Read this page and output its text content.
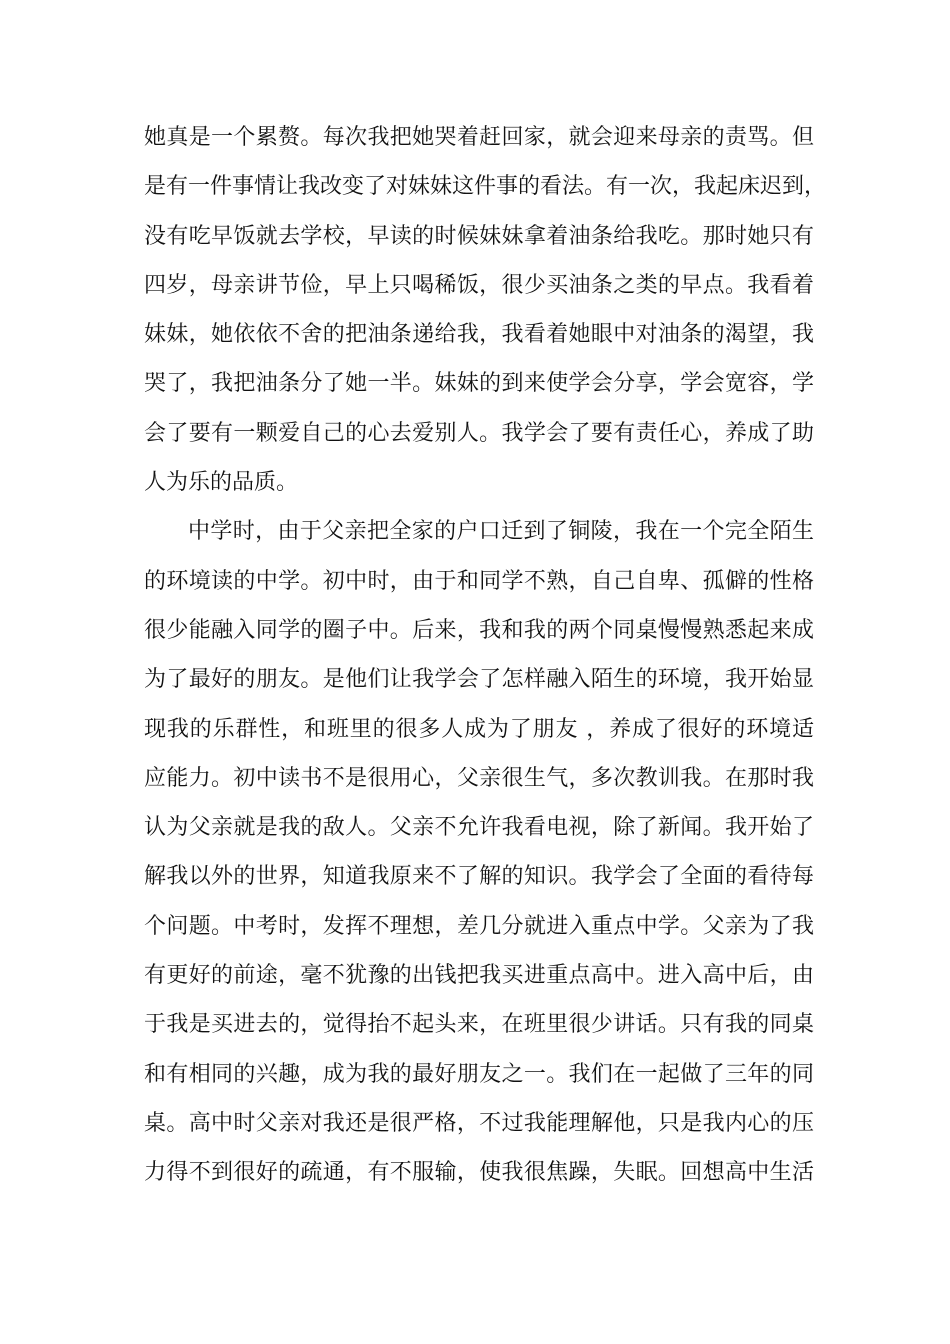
她真是一个累赘。每次我把她哭着赶回家，就会迎来母亲的责骂。但
是有一件事情让我改变了对妹妹这件事的看法。有一次，我起床迟到，
没有吃早饭就去学校，早读的时候妹妹拿着油条给我吃。那时她只有
四岁，母亲讲节俭，早上只喝稀饭，很少买油条之类的早点。我看着
妹妹，她依依不舍的把油条递给我，我看着她眼中对油条的渴望，我
哭了，我把油条分了她一半。妹妹的到来使学会分享，学会宽容，学
会了要有一颗爱自己的心去爱别人。我学会了要有责任心，养成了助
人为乐的品质。
中学时，由于父亲把全家的户口迁到了铜陵，我在一个完全陌生
的环境读的中学。初中时，由于和同学不熟，自己自卑、孤僻的性格
很少能融入同学的圈子中。后来，我和我的两个同桌慢慢熟悉起来成
为了最好的朋友。是他们让我学会了怎样融入陌生的环境，我开始显
现我的乐群性，和班里的很多人成为了朋友 ，养成了很好的环境适
应能力。初中读书不是很用心，父亲很生气，多次教训我。在那时我
认为父亲就是我的敌人。父亲不允许我看电视，除了新闻。我开始了
解我以外的世界，知道我原来不了解的知识。我学会了全面的看待每
个问题。中考时，发挥不理想，差几分就进入重点中学。父亲为了我
有更好的前途，毫不犹豫的出钱把我买进重点高中。进入高中后，由
于我是买进去的，觉得抬不起头来，在班里很少讲话。只有我的同桌
和有相同的兴趣，成为我的最好朋友之一。我们在一起做了三年的同
桌。高中时父亲对我还是很严格，不过我能理解他，只是我内心的压
力得不到很好的疏通，有不服输，使我很焦躁，失眠。回想高中生活
